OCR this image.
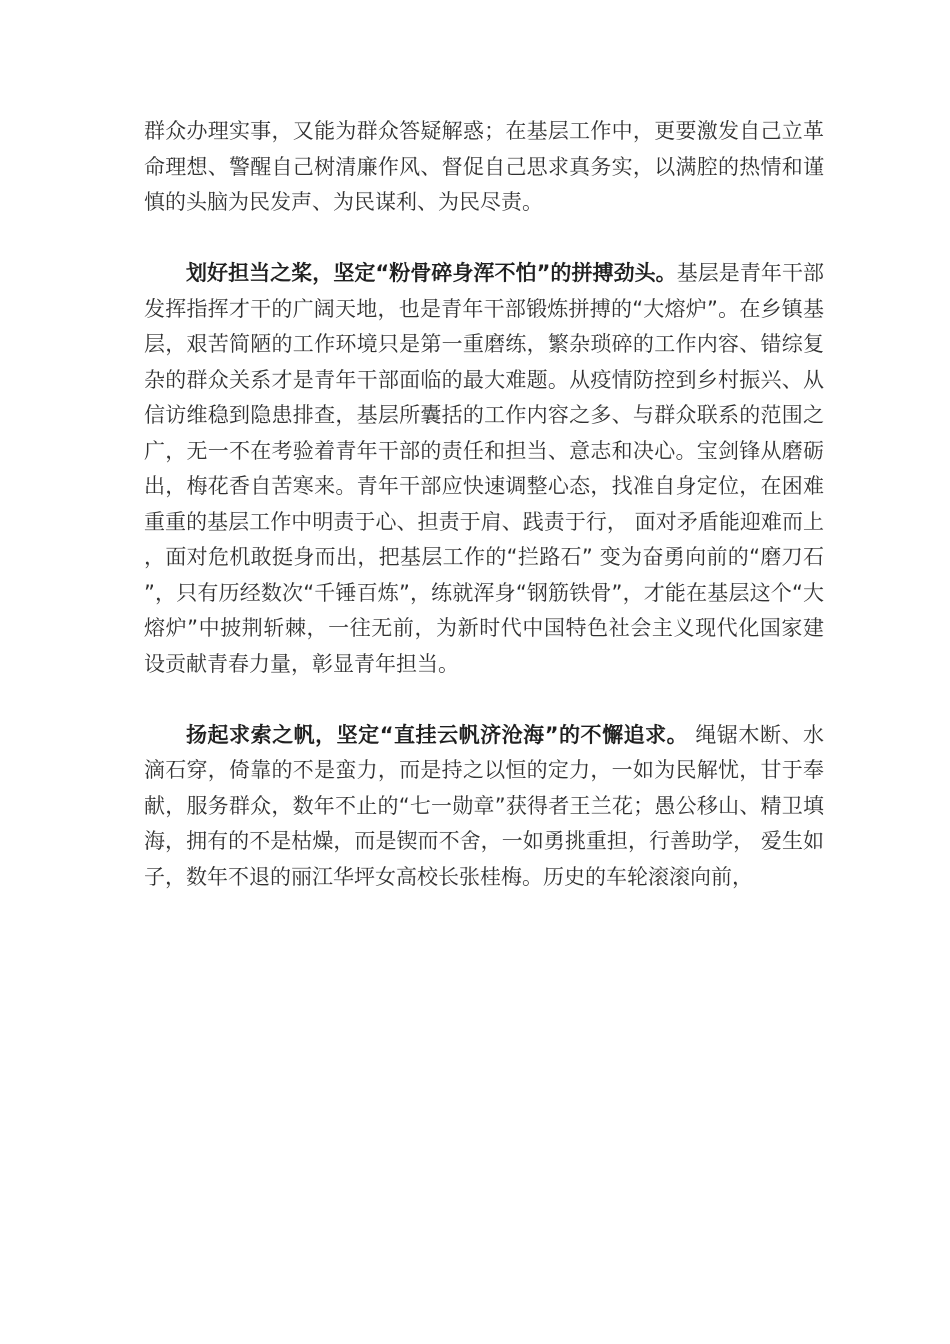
群众办理实事，又能为群众答疑解惑；在基层工作中，更要激发自己立革命理想、警醒自己树清廉作风、督促自己思求真务实，以满腔的热情和谨慎的头脑为民发声、为民谋利、为民尽责。

划好担当之桨，坚定“粉骨碎身浑不怕”的拼搏劲头。基层是青年干部发挥指挥才干的广阔天地，也是青年干部锻炼拼搏的“大熔炉”。在乡镇基层，艰苦简陋的工作环境只是第一重磨练，繁杂琐碎的工作内容、错综复杂的群众关系才是青年干部面临的最大难题。从疫情防控到乡村振兴、从信访维稳到隐患排查，基层所囊括的工作内容之多、与群众联系的范围之广，无一不在考验着青年干部的责任和担当、意志和决心。宝剑锋从磨砺出，梅花香自苦寒来。青年干部应快速调整心态，找准自身定位，在困难重重的基层工作中明责于心、担责于肩、践责于行， 面对矛盾能迎难而上，面对危机敢挺身而出，把基层工作的“拦路石” 变为奋勇向前的“磨刀石”，只有历经数次“千锤百炼”，练就浑身“钢筋铁骨”，才能在基层这个“大熔炉”中披荆斩棘，一往无前，为新时代中国特色社会主义现代化国家建设贡献青春力量，彰显青年担当。

扬起求索之帆，坚定“直挂云帆济沧海”的不懈追求。 绳锯木断、水滴石穿，倚靠的不是蛮力，而是持之以恒的定力，一如为民解忧，甘于奉献，服务群众，数年不止的“七一勋章”获得者王兰花；愚公移山、精卫填海，拥有的不是枯燥，而是锲而不舍，一如勇挑重担，行善助学， 爱生如子，数年不退的丽江华坪女高校长张桂梅。历史的车轮滚滚向前，
